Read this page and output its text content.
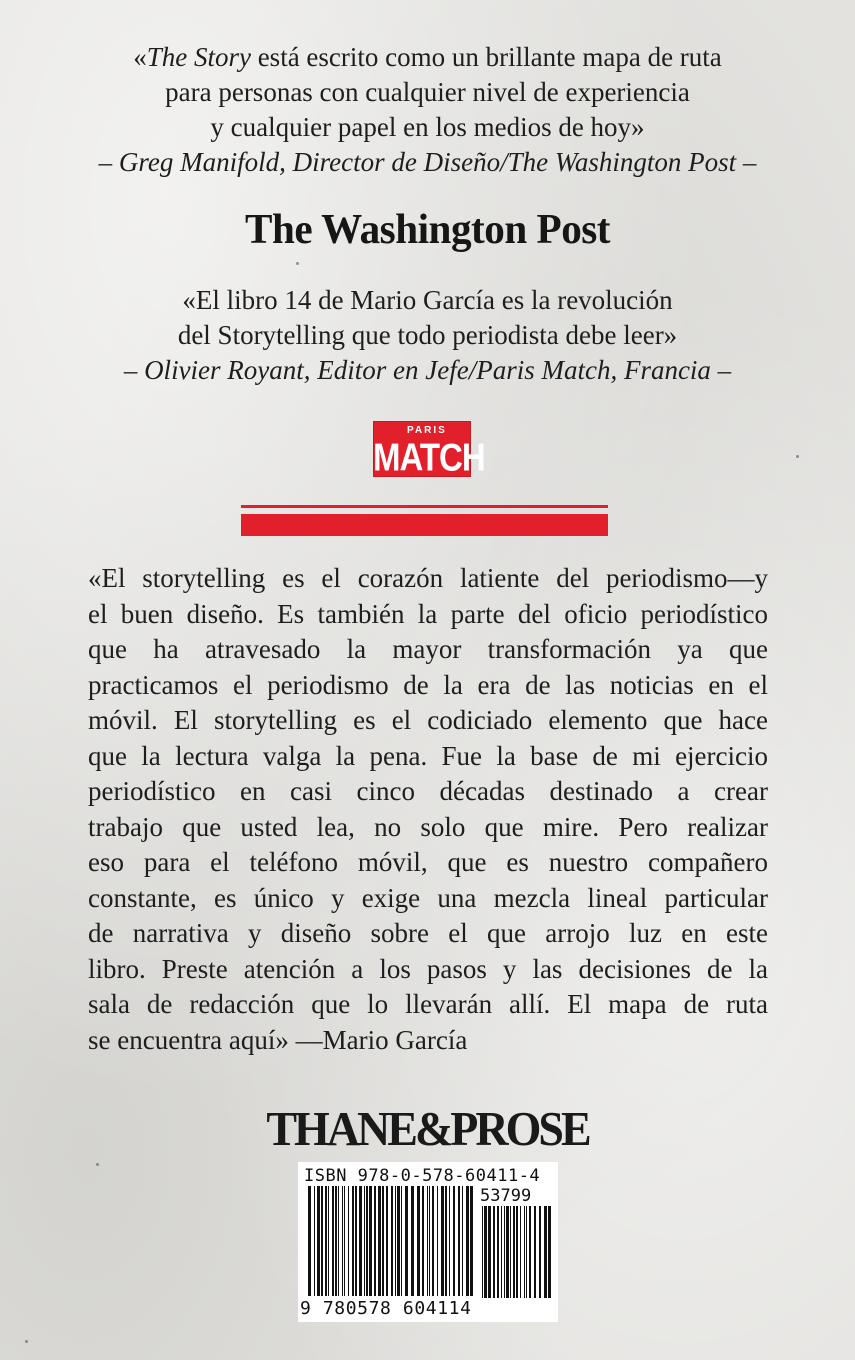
«The Story está escrito como un brillante mapa de ruta
para personas con cualquier nivel de experiencia
y cualquier papel en los medios de hoy»
– Greg Manifold, Director de Diseño/The Washington Post –
The Washington Post
«El libro 14 de Mario García es la revolución
del Storytelling que todo periodista debe leer»
– Olivier Royant, Editor en Jefe/Paris Match, Francia –
PARIS
MATCH
«El storytelling es el corazón latiente del periodismo—y
el buen diseño. Es también la parte del oficio periodístico
que ha atravesado la mayor transformación ya que
practicamos el periodismo de la era de las noticias en el
móvil. El storytelling es el codiciado elemento que hace
que la lectura valga la pena. Fue la base de mi ejercicio
periodístico en casi cinco décadas destinado a crear
trabajo que usted lea, no solo que mire. Pero realizar
eso para el teléfono móvil, que es nuestro compañero
constante, es único y exige una mezcla lineal particular
de narrativa y diseño sobre el que arrojo luz en este
libro. Preste atención a los pasos y las decisiones de la
sala de redacción que lo llevarán allí. El mapa de ruta
se encuentra aquí» —Mario García
THANE&PROSE
ISBN 978-0-578-60411-4
53799
9 780578 604114
